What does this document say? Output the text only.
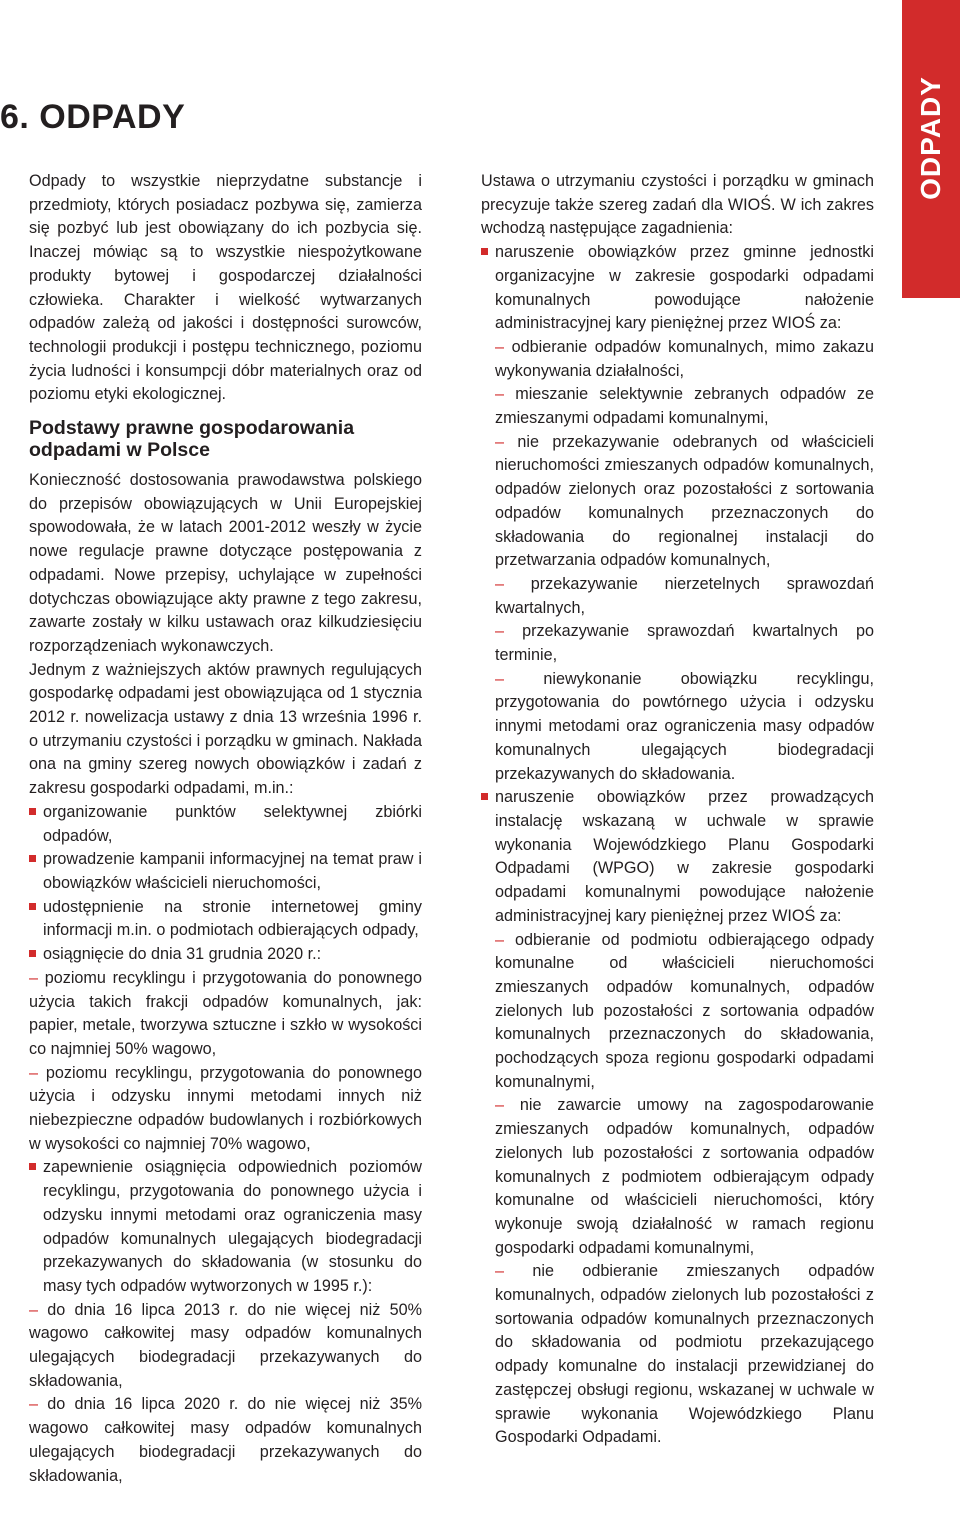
ODPADY
6. ODPADY

Odpady to wszystkie nieprzydatne substancje i przedmioty, których posiadacz pozbywa się, zamierza się pozbyć lub jest obowiązany do ich pozbycia się. Inaczej mówiąc są to wszystkie niespożytkowane produkty bytowej i gospodarczej działalności człowieka. Charakter i wielkość wytwarzanych odpadów zależą od jakości i dostępności surowców, technologii produkcji i postępu technicznego, poziomu życia ludności i konsumpcji dóbr materialnych oraz od poziomu etyki ekologicznej.

Podstawy prawne gospodarowania odpadami w Polsce

Konieczność dostosowania prawodawstwa polskiego do przepisów obowiązujących w Unii Europejskiej spowodowała, że w latach 2001-2012 weszły w życie nowe regulacje prawne dotyczące postępowania z odpadami. Nowe przepisy, uchylające w zupełności dotychczas obowiązujące akty prawne z tego zakresu, zawarte zostały w kilku ustawach oraz kilkudziesięciu rozporządzeniach wykonawczych.

Jednym z ważniejszych aktów prawnych regulujących gospodarkę odpadami jest obowiązująca od 1 stycznia 2012 r. nowelizacja ustawy z dnia 13 września 1996 r. o utrzymaniu czystości i porządku w gminach. Nakłada ona na gminy szereg nowych obowiązków i zadań z zakresu gospodarki odpadami, m.in.:

organizowanie punktów selektywnej zbiórki odpadów,

prowadzenie kampanii informacyjnej na temat praw i obowiązków właścicieli nieruchomości,

udostępnienie na stronie internetowej gminy informacji m.in. o podmiotach odbierających odpady,

osiągnięcie do dnia 31 grudnia 2020 r.:

– poziomu recyklingu i przygotowania do ponownego użycia takich frakcji odpadów komunalnych, jak: papier, metale, tworzywa sztuczne i szkło w wysokości co najmniej 50% wagowo,

– poziomu recyklingu, przygotowania do ponownego użycia i odzysku innymi metodami innych niż niebezpieczne odpadów budowlanych i rozbiórkowych w wysokości co najmniej 70% wagowo,

zapewnienie osiągnięcia odpowiednich poziomów recyklingu, przygotowania do ponownego użycia i odzysku innymi metodami oraz ograniczenia masy odpadów komunalnych ulegających biodegradacji przekazywanych do składowania (w stosunku do masy tych odpadów wytworzonych w 1995 r.):

– do dnia 16 lipca 2013 r. do nie więcej niż 50% wagowo całkowitej masy odpadów komunalnych ulegających biodegradacji przekazywanych do składowania,

– do dnia 16 lipca 2020 r. do nie więcej niż 35% wagowo całkowitej masy odpadów komunalnych ulegających biodegradacji przekazywanych do składowania,

Ustawa o utrzymaniu czystości i porządku w gminach precyzuje także szereg zadań dla WIOŚ. W ich zakres wchodzą następujące zagadnienia:

naruszenie obowiązków przez gminne jednostki organizacyjne w zakresie gospodarki odpadami komunalnych powodujące nałożenie administracyjnej kary pieniężnej przez WIOŚ za:

– odbieranie odpadów komunalnych, mimo zakazu wykonywania działalności,

– mieszanie selektywnie zebranych odpadów ze zmieszanymi odpadami komunalnymi,

– nie przekazywanie odebranych od właścicieli nieruchomości zmieszanych odpadów komunalnych, odpadów zielonych oraz pozostałości z sortowania odpadów komunalnych przeznaczonych do składowania do regionalnej instalacji do przetwarzania odpadów komunalnych,

– przekazywanie nierzetelnych sprawozdań kwartalnych,

– przekazywanie sprawozdań kwartalnych po terminie,

– niewykonanie obowiązku recyklingu, przygotowania do powtórnego użycia i odzysku innymi metodami oraz ograniczenia masy odpadów komunalnych ulegających biodegradacji przekazywanych do składowania.

naruszenie obowiązków przez prowadzących instalację wskazaną w uchwale w sprawie wykonania Wojewódzkiego Planu Gospodarki Odpadami (WPGO) w zakresie gospodarki odpadami komunalnymi powodujące nałożenie administracyjnej kary pieniężnej przez WIOŚ za:

– odbieranie od podmiotu odbierającego odpady komunalne od właścicieli nieruchomości zmieszanych odpadów komunalnych, odpadów zielonych lub pozostałości z sortowania odpadów komunalnych przeznaczonych do składowania, pochodzących spoza regionu gospodarki odpadami komunalnymi,

– nie zawarcie umowy na zagospodarowanie zmieszanych odpadów komunalnych, odpadów zielonych lub pozostałości z sortowania odpadów komunalnych z podmiotem odbierającym odpady komunalne od właścicieli nieruchomości, który wykonuje swoją działalność w ramach regionu gospodarki odpadami komunalnymi,

– nie odbieranie zmieszanych odpadów komunalnych, odpadów zielonych lub pozostałości z sortowania odpadów komunalnych przeznaczonych do składowania od podmiotu przekazującego odpady komunalne do instalacji przewidzianej do zastępczej obsługi regionu, wskazanej w uchwale w sprawie wykonania Wojewódzkiego Planu Gospodarki Odpadami.
